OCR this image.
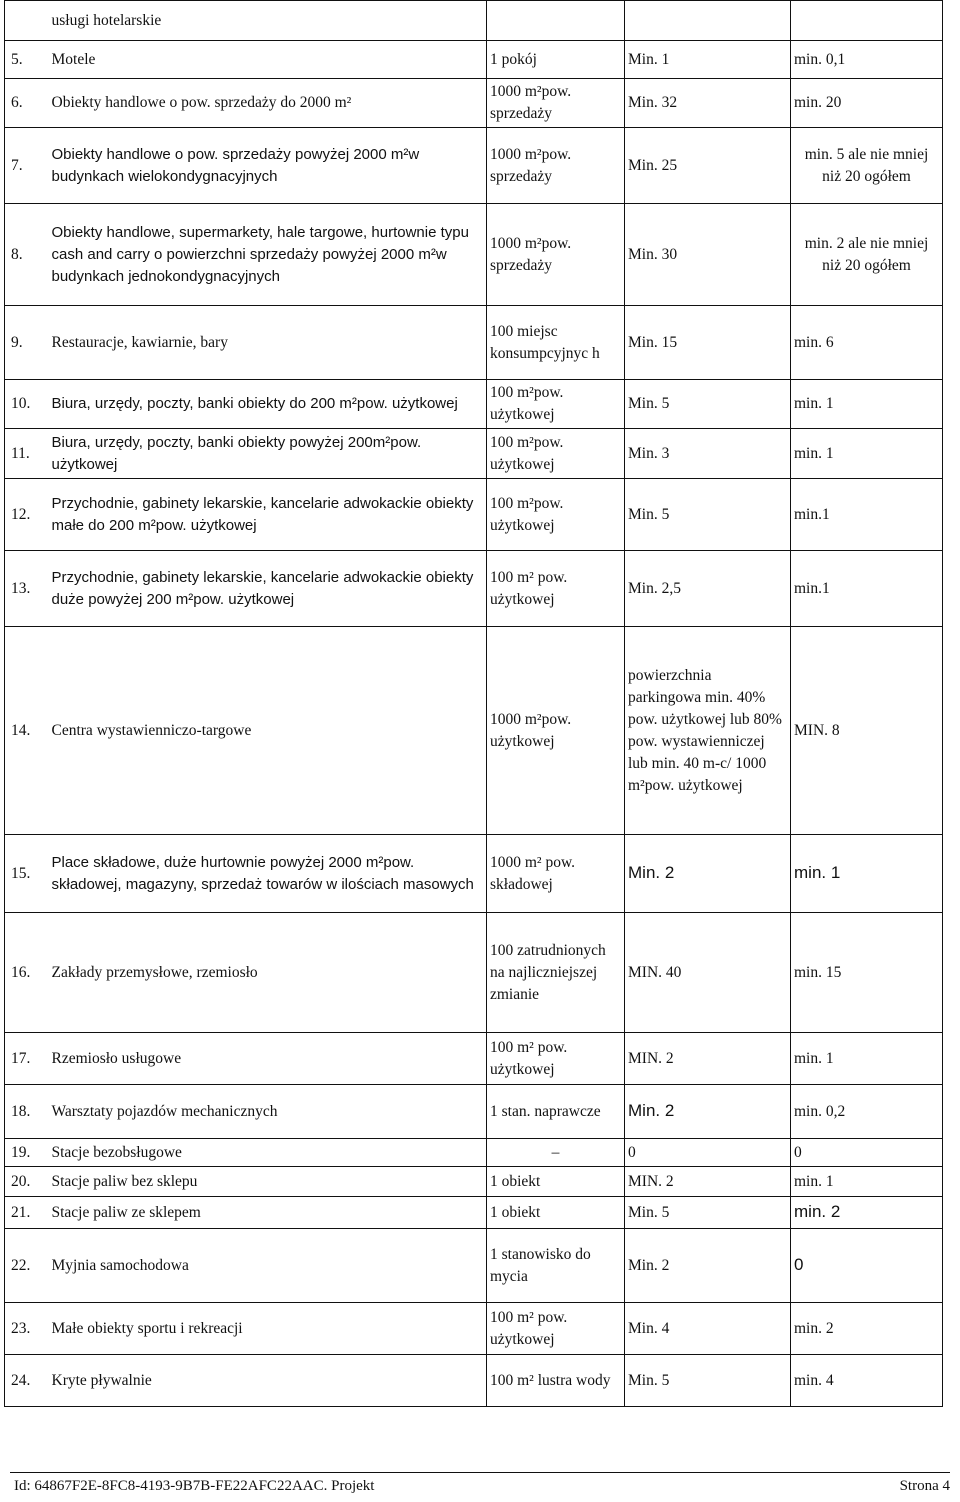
	usługi hotelarskie			
5.	Motele	1 pokój	Min. 1	min. 0,1
6.	Obiekty handlowe o pow. sprzedaży do 2000 m²	1000 m²pow. sprzedaży	Min. 32	min. 20
7.	Obiekty handlowe o pow. sprzedaży powyżej 2000 m²w budynkach wielokondygnacyjnych	1000 m²pow. sprzedaży	Min. 25	min. 5 ale nie mniej niż 20 ogółem
8.	Obiekty handlowe, supermarkety, hale targowe, hurtownie typu cash and carry o powierzchni sprzedaży powyżej 2000 m²w budynkach jednokondygnacyjnych	1000 m²pow. sprzedaży	Min. 30	min. 2 ale nie mniej niż 20 ogółem
9.	Restauracje, kawiarnie, bary	100 miejsc konsumpcyjnyc h	Min. 15	min. 6
10.	Biura, urzędy, poczty, banki obiekty do 200 m²pow. użytkowej	100 m²pow. użytkowej	Min. 5	min. 1
11.	Biura, urzędy, poczty, banki obiekty powyżej 200m²pow. użytkowej	100 m²pow. użytkowej	Min. 3	min. 1
12.	Przychodnie, gabinety lekarskie, kancelarie adwokackie obiekty małe do 200 m²pow. użytkowej	100 m²pow. użytkowej	Min. 5	min.1
13.	Przychodnie, gabinety lekarskie, kancelarie adwokackie obiekty duże powyżej 200 m²pow. użytkowej	100 m² pow. użytkowej	Min. 2,5	min.1
14.	Centra wystawienniczo-targowe	1000 m²pow. użytkowej	powierzchnia parkingowa min. 40% pow. użytkowej lub 80% pow. wystawienniczej lub min. 40 m-c/ 1000 m²pow. użytkowej	MIN. 8
15.	Place składowe, duże hurtownie powyżej 2000 m²pow. składowej, magazyny, sprzedaż towarów w ilościach masowych	1000 m² pow. składowej	Min. 2	min. 1
16.	Zakłady przemysłowe, rzemiosło	100 zatrudnionych na najliczniejszej zmianie	MIN. 40	min. 15
17.	Rzemiosło usługowe	100 m² pow. użytkowej	MIN. 2	min. 1
18.	Warsztaty pojazdów mechanicznych	1 stan. naprawcze	Min. 2	min. 0,2
19.	Stacje bezobsługowe	–	0	0
20.	Stacje paliw bez sklepu	1 obiekt	MIN. 2	min. 1
21.	Stacje paliw ze sklepem	1 obiekt	Min. 5	min. 2
22.	Myjnia samochodowa	1 stanowisko do mycia	Min. 2	0
23.	Małe obiekty sportu i rekreacji	100 m² pow. użytkowej	Min. 4	min. 2
24.	Kryte pływalnie	100 m² lustra wody	Min. 5	min. 4
Id: 64867F2E-8FC8-4193-9B7B-FE22AFC22AAC. Projekt	Strona 4
